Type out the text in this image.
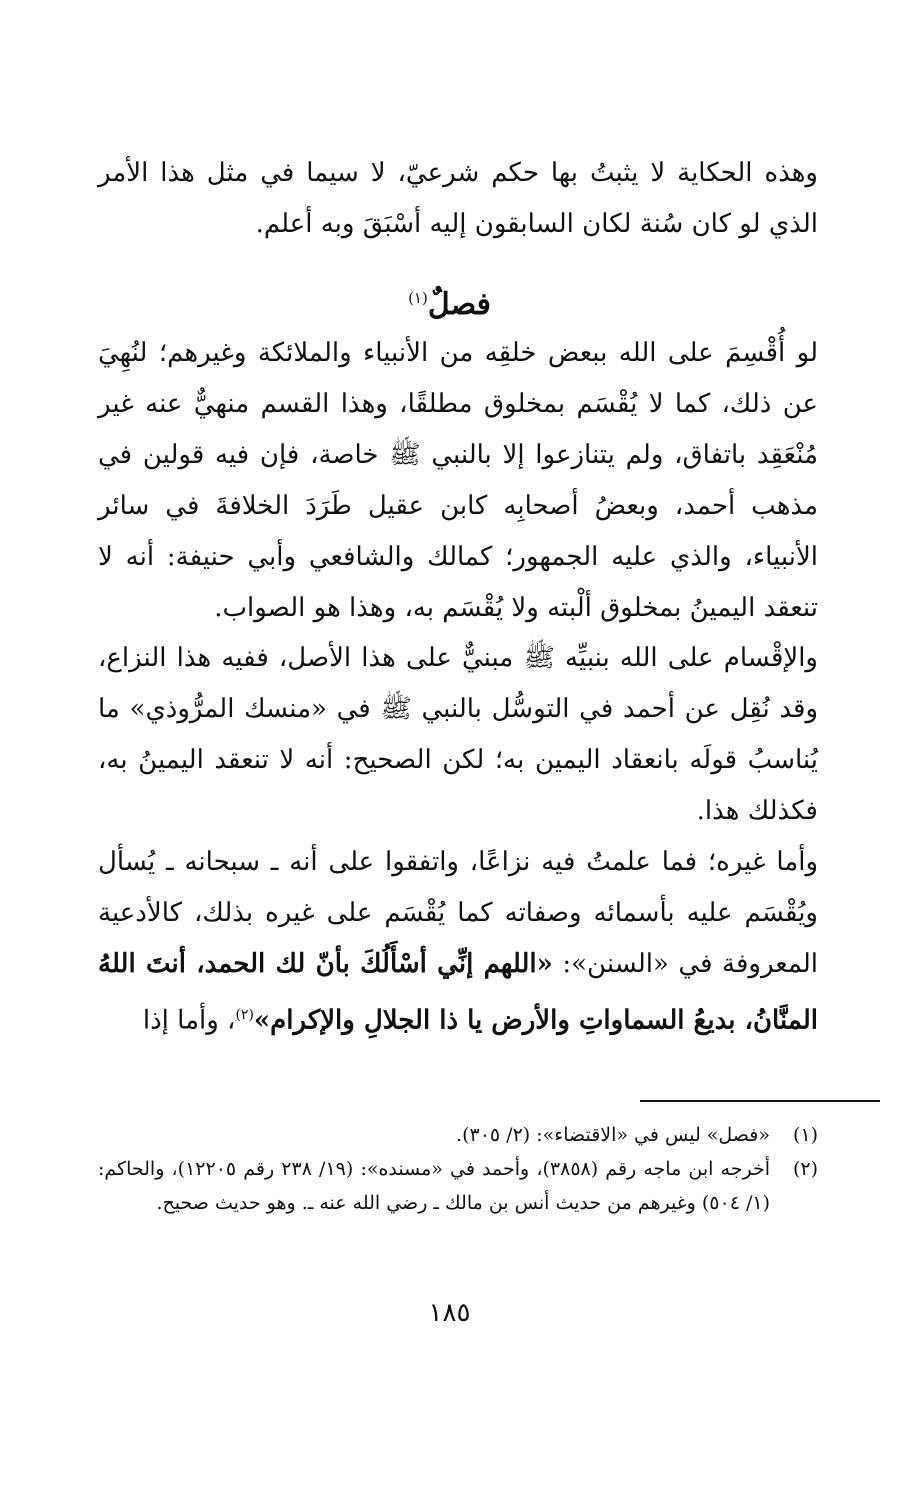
وهذه الحكاية لا يثبتُ بها حكم شرعيّ، لا سيما في مثل هذا الأمر الذي لو كان سُنة لكان السابقون إليه أسْبَقَ وبه أعلم.

فصلٌ$^{(١)}$

لو أُقْسِمَ على الله ببعض خلقِه من الأنبياء والملائكة وغيرهم؛ لنُهِيَ عن ذلك، كما لا يُقْسَم بمخلوق مطلقًا، وهذا القسم منهيٌّ عنه غير مُنْعَقِد باتفاق، ولم يتنازعوا إلا بالنبي ﷺ خاصة، فإن فيه قولين في مذهب أحمد، وبعضُ أصحابِه كابن عقيل طَرَدَ الخلافةَ في سائر الأنبياء، والذي عليه الجمهور؛ كمالك والشافعي وأبي حنيفة: أنه لا تنعقد اليمينُ بمخلوق ألْبته ولا يُقْسَم به، وهذا هو الصواب.

والإقْسام على الله بنبيِّه ﷺ مبنيٌّ على هذا الأصل، ففيه هذا النزاع، وقد نُقِل عن أحمد في التوسُّل بالنبي ﷺ في «منسك المرُّوذي» ما يُناسبُ قولَه بانعقاد اليمين به؛ لكن الصحيح: أنه لا تنعقد اليمينُ به، فكذلك هذا.

وأما غيره؛ فما علمتُ فيه نزاعًا، واتفقوا على أنه ـ سبحانه ـ يُسأل ويُقْسَم عليه بأسمائه وصفاته كما يُقْسَم على غيره بذلك، كالأدعية المعروفة في «السنن»: «اللهم إنِّي أسْأَلُكَ بأنّ لك الحمد، أنتَ اللهُ المنَّانُ، بديعُ السماواتِ والأرض يا ذا الجلالِ والإكرام»$^{(٢)}$، وأما إذا

(١)
«فصل» ليس في «الاقتضاء»: (٢/ ٣٠٥).
(٢)
أخرجه ابن ماجه رقم (٣٨٥٨)، وأحمد في «مسنده»: (١٩/ ٢٣٨ رقم ١٢٢٠٥)، والحاكم: (١/ ٥٠٤) وغيرهم من حديث أنس بن مالك ـ رضي الله عنه ـ. وهو حديث صحيح.
١٨٥
